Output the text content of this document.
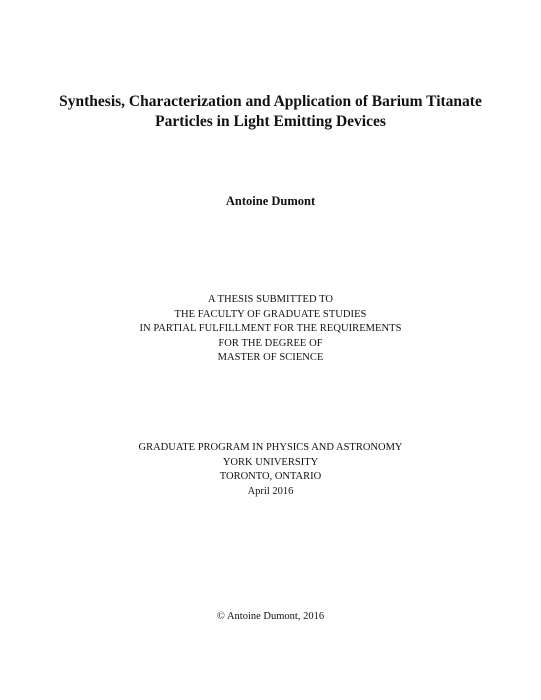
Synthesis, Characterization and Application of Barium Titanate
Particles in Light Emitting Devices
Antoine Dumont
A THESIS SUBMITTED TO
THE FACULTY OF GRADUATE STUDIES
IN PARTIAL FULFILLMENT FOR THE REQUIREMENTS
FOR THE DEGREE OF
MASTER OF SCIENCE
GRADUATE PROGRAM IN PHYSICS AND ASTRONOMY
YORK UNIVERSITY
TORONTO, ONTARIO
April 2016
© Antoine Dumont, 2016
